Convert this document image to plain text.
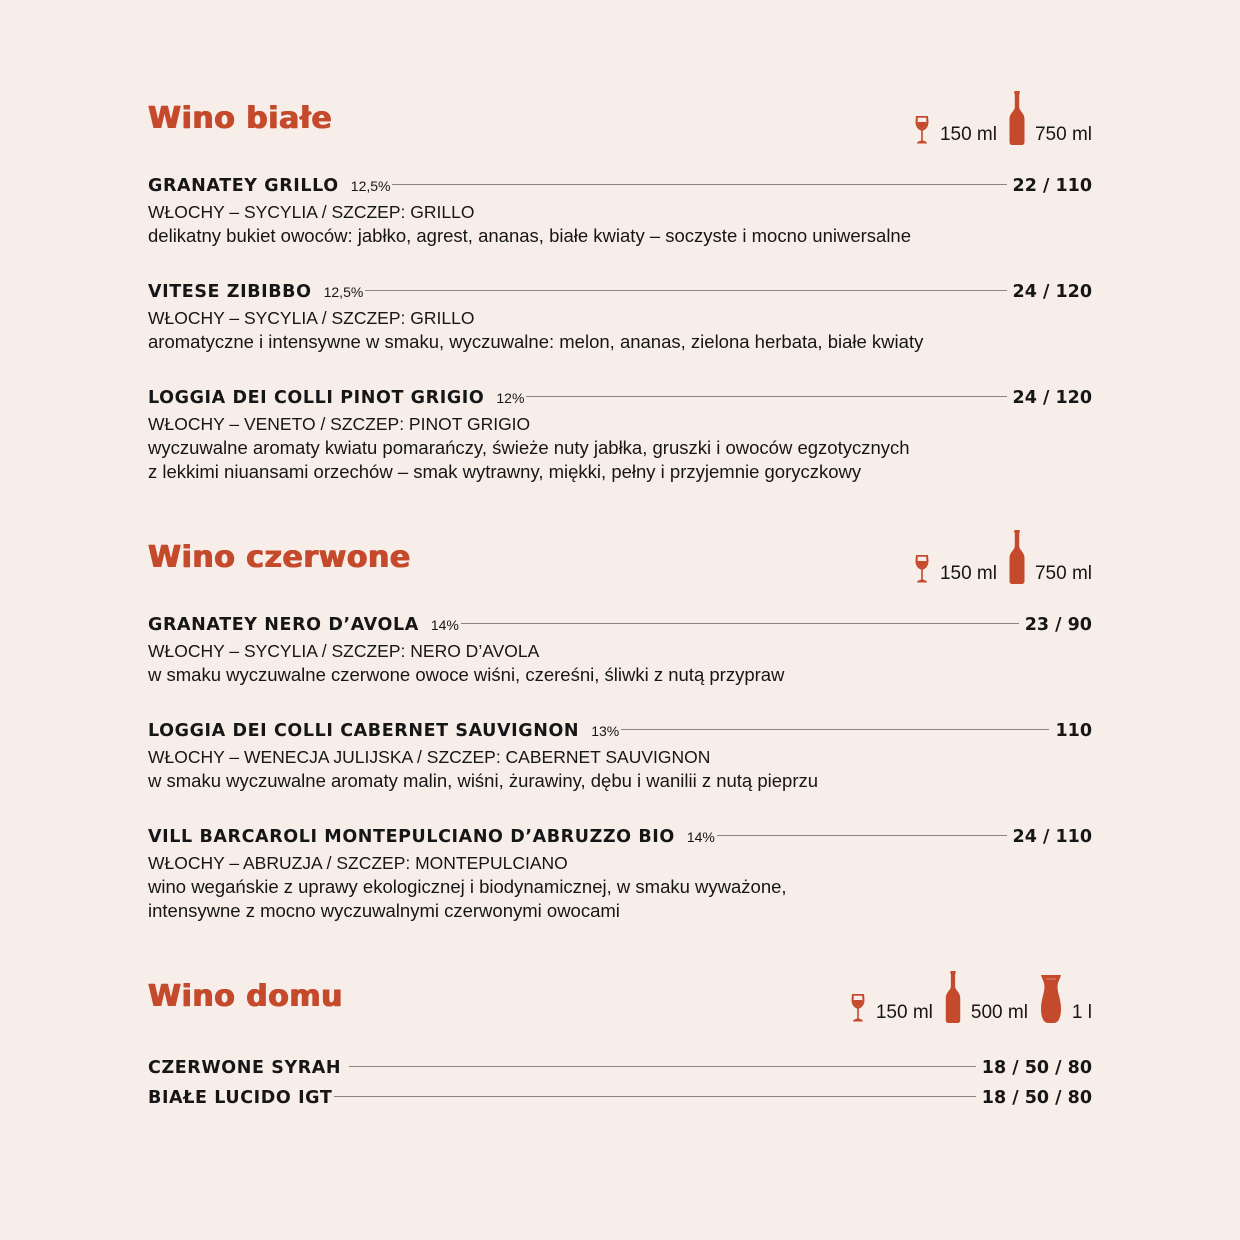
Wino białe	150 ml 750 ml
GRANATEY GRILLO 12,5%	22 / 110
WŁOCHY – SYCYLIA / SZCZEP: GRILLO
delikatny bukiet owoców: jabłko, agrest, ananas, białe kwiaty – soczyste i mocno uniwersalne
VITESE ZIBIBBO 12,5%	24 / 120
WŁOCHY – SYCYLIA / SZCZEP: GRILLO
aromatyczne i intensywne w smaku, wyczuwalne: melon, ananas, zielona herbata, białe kwiaty
LOGGIA DEI COLLI PINOT GRIGIO 12%	24 / 120
WŁOCHY – VENETO / SZCZEP: PINOT GRIGIO
wyczuwalne aromaty kwiatu pomarańczy, świeże nuty jabłka, gruszki i owoców egzotycznych
z lekkimi niuansami orzechów – smak wytrawny, miękki, pełny i przyjemnie goryczkowy
Wino czerwone	150 ml 750 ml
GRANATEY NERO D’AVOLA 14%	23 / 90
WŁOCHY – SYCYLIA / SZCZEP: NERO D’AVOLA
w smaku wyczuwalne czerwone owoce wiśni, czereśni, śliwki z nutą przypraw
LOGGIA DEI COLLI CABERNET SAUVIGNON 13%	110
WŁOCHY – WENECJA JULIJSKA / SZCZEP: CABERNET SAUVIGNON
w smaku wyczuwalne aromaty malin, wiśni, żurawiny, dębu i wanilii z nutą pieprzu
VILL BARCAROLI MONTEPULCIANO D’ABRUZZO BIO 14%	24 / 110
WŁOCHY – ABRUZJA / SZCZEP: MONTEPULCIANO
wino wegańskie z uprawy ekologicznej i biodynamicznej, w smaku wyważone,
intensywne z mocno wyczuwalnymi czerwonymi owocami
Wino domu	150 ml 500 ml 1 l
CZERWONE SYRAH	18 / 50 / 80
BIAŁE LUCIDO IGT	18 / 50 / 80
